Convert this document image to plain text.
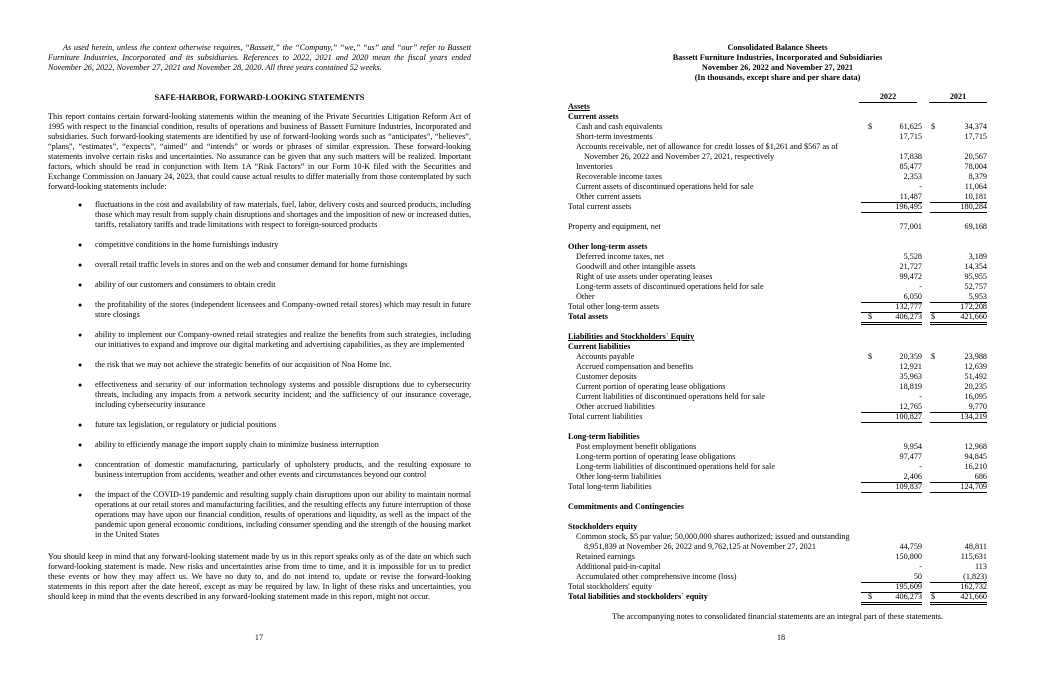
As used herein, unless the context otherwise requires, “Bassett,” the “Company,” “we,” “us” and “our” refer to Bassett Furniture Industries, Incorporated and its subsidiaries. References to 2022, 2021 and 2020 mean the fiscal years ended November 26, 2022, November 27, 2021 and November 28, 2020. All three years contained 52 weeks.
SAFE-HARBOR, FORWARD-LOOKING STATEMENTS
This report contains certain forward-looking statements within the meaning of the Private Securities Litigation Reform Act of 1995 with respect to the financial condition, results of operations and business of Bassett Furniture Industries, Incorporated and subsidiaries. Such forward-looking statements are identified by use of forward-looking words such as “anticipates”, “believes”, “plans”, “estimates”, “expects”, “aimed” and “intends” or words or phrases of similar expression. These forward-looking statements involve certain risks and uncertainties. No assurance can be given that any such matters will be realized. Important factors, which should be read in conjunction with Item 1A “Risk Factors” in our Form 10-K filed with the Securities and Exchange Commission on January 24, 2023, that could cause actual results to differ materially from those contemplated by such forward-looking statements include:
● fluctuations in the cost and availability of raw materials, fuel, labor, delivery costs and sourced products, including those which may result from supply chain disruptions and shortages and the imposition of new or increased duties, tariffs, retaliatory tariffs and trade limitations with respect to foreign-sourced products
● competitive conditions in the home furnishings industry
● overall retail traffic levels in stores and on the web and consumer demand for home furnishings
● ability of our customers and consumers to obtain credit
● the profitability of the stores (independent licensees and Company-owned retail stores) which may result in future store closings
● ability to implement our Company-owned retail strategies and realize the benefits from such strategies, including our initiatives to expand and improve our digital marketing and advertising capabilities, as they are implemented
● the risk that we may not achieve the strategic benefits of our acquisition of Noa Home Inc.
● effectiveness and security of our information technology systems and possible disruptions due to cybersecurity threats, including any impacts from a network security incident; and the sufficiency of our insurance coverage, including cybersecurity insurance
● future tax legislation, or regulatory or judicial positions
● ability to efficiently manage the import supply chain to minimize business interruption
● concentration of domestic manufacturing, particularly of upholstery products, and the resulting exposure to business interruption from accidents, weather and other events and circumstances beyond our control
● the impact of the COVID-19 pandemic and resulting supply chain disruptions upon our ability to maintain normal operations at our retail stores and manufacturing facilities, and the resulting effects any future interruption of those operations may have upon our financial condition, results of operations and liquidity, as well as the impact of the pandemic upon general economic conditions, including consumer spending and the strength of the housing market in the United States
You should keep in mind that any forward-looking statement made by us in this report speaks only as of the date on which such forward-looking statement is made. New risks and uncertainties arise from time to time, and it is impossible for us to predict these events or how they may affect us. We have no duty to, and do not intend to, update or revise the forward-looking statements in this report after the date hereof, except as may be required by law. In light of these risks and uncertainties, you should keep in mind that the events described in any forward-looking statement made in this report, might not occur.
17
Consolidated Balance Sheets
Bassett Furniture Industries, Incorporated and Subsidiaries
November 26, 2022 and November 27, 2021
(In thousands, except share and per share data)
2022	2021
Assets
Current assets
Cash and cash equivalents	$	61,625 $	34,374
Short-term investments	17,715	17,715
Accounts receivable, net of allowance for credit losses of $1,261 and $567 as of
November 26, 2022 and November 27, 2021, respectively	17,838	20,567
Inventories	85,477	78,004
Recoverable income taxes	2,353	8,379
Current assets of discontinued operations held for sale	-	11,064
Other current assets	11,487	10,181
Total current assets	196,495	180,284
Property and equipment, net	77,001	69,168
Other long-term assets
Deferred income taxes, net	5,528	3,189
Goodwill and other intangible assets	21,727	14,354
Right of use assets under operating leases	99,472	95,955
Long-term assets of discontinued operations held for sale	-	52,757
Other	6,050	5,953
Total other long-term assets	132,777	172,208
Total assets	$	406,273 $	421,660
Liabilities and Stockholders` Equity
Current liabilities
Accounts payable	$	20,359 $	23,988
Accrued compensation and benefits	12,921	12,639
Customer deposits	35,963	51,492
Current portion of operating lease obligations	18,819	20,235
Current liabilities of discontinued operations held for sale	-	16,095
Other accrued liabilities	12,765	9,770
Total current liabilities	100,827	134,219
Long-term liabilities
Post employment benefit obligations	9,954	12,968
Long-term portion of operating lease obligations	97,477	94,845
Long-term liabilities of discontinued operations held for sale	-	16,210
Other long-term liabilities	2,406	686
Total long-term liabilities	109,837	124,709
Commitments and Contingencies
Stockholders equity
Common stock, $5 par value; 50,000,000 shares authorized; issued and outstanding
8,951,839 at November 26, 2022 and 9,762,125 at November 27, 2021	44,759	48,811
Retained earnings	150,800	115,631
Additional paid-in-capital	-	113
Accumulated other comprehensive income (loss)	50	(1,823)
Total stockholders' equity	195,609	162,732
Total liabilities and stockholders` equity	$	406,273 $	421,660
The accompanying notes to consolidated financial statements are an integral part of these statements.
18
